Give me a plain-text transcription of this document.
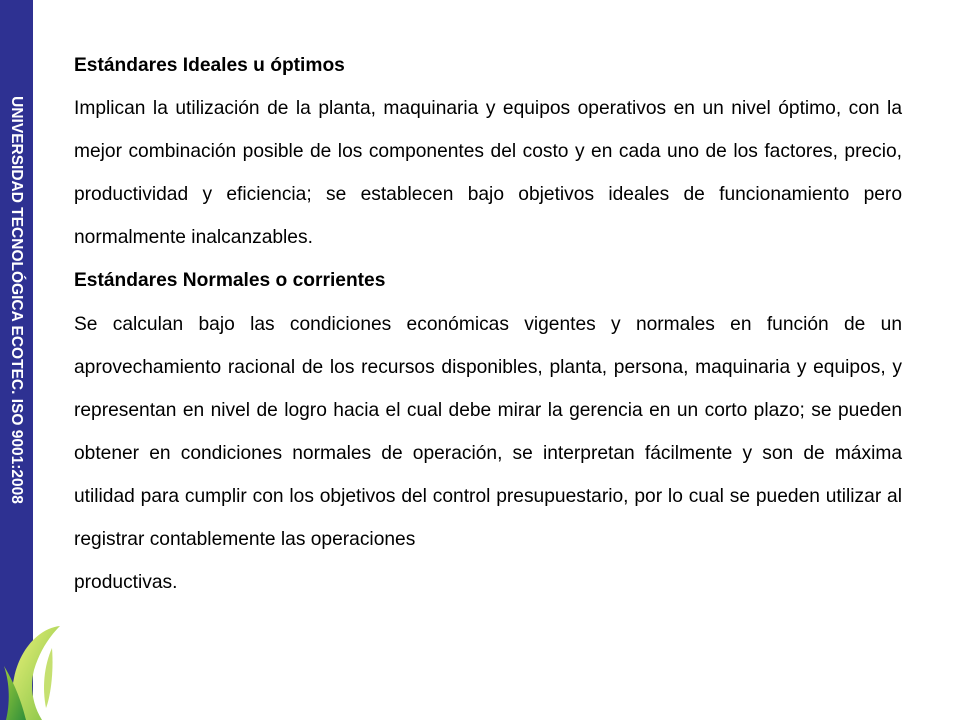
UNIVERSIDAD TECNOLÓGICA ECOTEC. ISO 9001:2008

Estándares Ideales u óptimos

Implican la utilización de la planta, maquinaria y equipos operativos en un nivel óptimo, con la mejor combinación posible de los componentes del costo y en cada uno de los factores, precio, productividad y eficiencia; se establecen bajo objetivos ideales de funcionamiento pero normalmente inalcanzables.

Estándares Normales o corrientes

Se calculan bajo las condiciones económicas vigentes y normales en función de un aprovechamiento racional de los recursos disponibles, planta, persona, maquinaria y equipos, y representan en nivel de logro hacia el cual debe mirar la gerencia en un corto plazo; se pueden obtener en condiciones normales de operación, se interpretan fácilmente y son de máxima utilidad para cumplir con los objetivos del control presupuestario, por lo cual se pueden utilizar al registrar contablemente las operaciones

productivas.
